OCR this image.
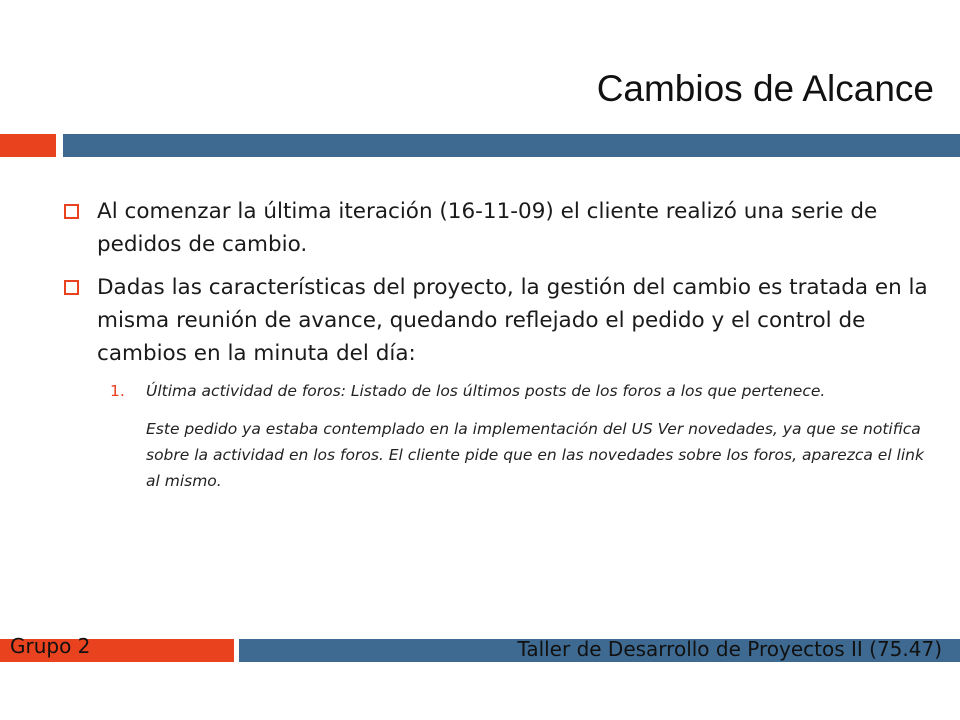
Cambios de Alcance
Al comenzar la última iteración (16-11-09) el cliente realizó una serie de pedidos de cambio.
Dadas las características del proyecto, la gestión del cambio es tratada en la misma reunión de avance, quedando reflejado el pedido y el control de cambios en la minuta del día:
1. Última actividad de foros: Listado de los últimos posts de los foros a los que pertenece.
Este pedido ya estaba contemplado en la implementación del US Ver novedades, ya que se notifica sobre la actividad en los foros. El cliente pide que en las novedades sobre los foros, aparezca el link al mismo.
Grupo 2	Taller de Desarrollo de Proyectos II (75.47)
